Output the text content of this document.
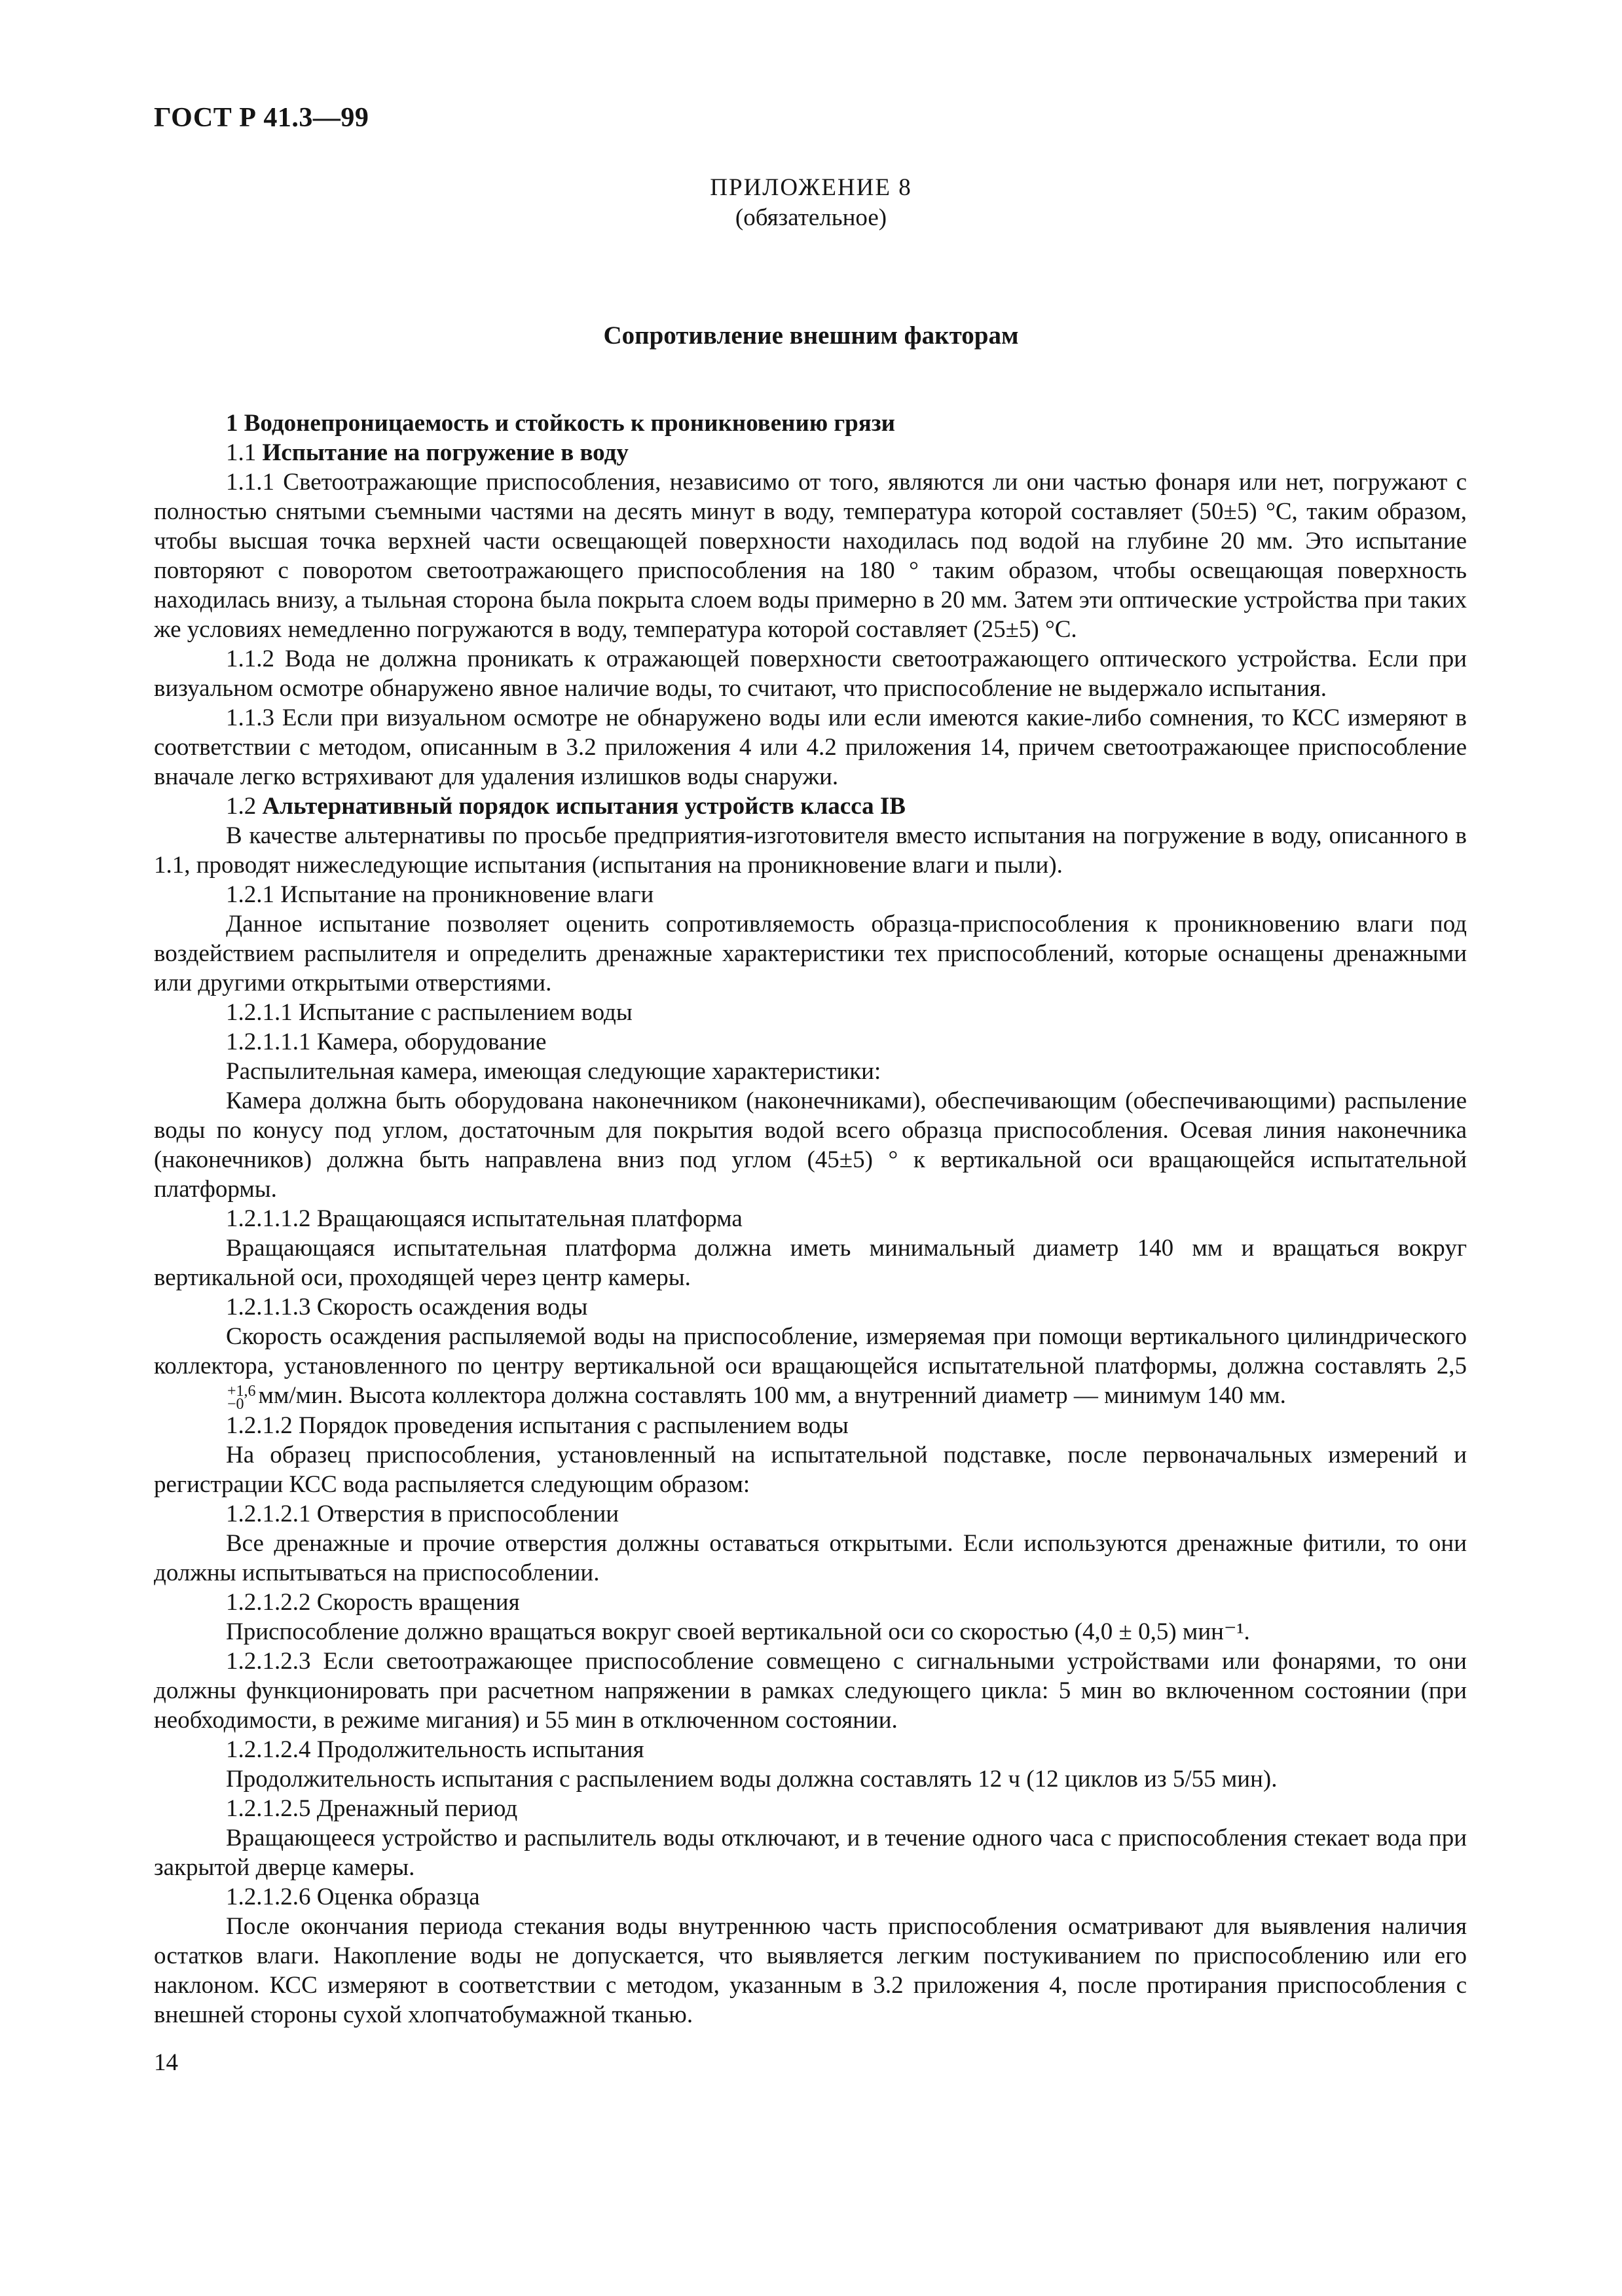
ГОСТ Р 41.3—99
ПРИЛОЖЕНИЕ 8
(обязательное)
Сопротивление внешним факторам

1 Водонепроницаемость и стойкость к проникновению грязи

1.1 Испытание на погружение в воду

1.1.1 Светоотражающие приспособления, независимо от того, являются ли они частью фонаря или нет, погружают с полностью снятыми съемными частями на десять минут в воду, температура которой составляет (50±5) °C, таким образом, чтобы высшая точка верхней части освещающей поверхности находилась под водой на глубине 20 мм. Это испытание повторяют с поворотом светоотражающего приспособления на 180 ° таким образом, чтобы освещающая поверхность находилась внизу, а тыльная сторона была покрыта слоем воды примерно в 20 мм. Затем эти оптические устройства при таких же условиях немедленно погружаются в воду, температура которой составляет (25±5) °C.

1.1.2 Вода не должна проникать к отражающей поверхности светоотражающего оптического устройства. Если при визуальном осмотре обнаружено явное наличие воды, то считают, что приспособление не выдержало испытания.

1.1.3 Если при визуальном осмотре не обнаружено воды или если имеются какие-либо сомнения, то КСС измеряют в соответствии с методом, описанным в 3.2 приложения 4 или 4.2 приложения 14, причем светоотражающее приспособление вначале легко встряхивают для удаления излишков воды снаружи.

1.2 Альтернативный порядок испытания устройств класса IB

В качестве альтернативы по просьбе предприятия-изготовителя вместо испытания на погружение в воду, описанного в 1.1, проводят нижеследующие испытания (испытания на проникновение влаги и пыли).

1.2.1 Испытание на проникновение влаги

Данное испытание позволяет оценить сопротивляемость образца-приспособления к проникновению влаги под воздействием распылителя и определить дренажные характеристики тех приспособлений, которые оснащены дренажными или другими открытыми отверстиями.

1.2.1.1 Испытание с распылением воды

1.2.1.1.1 Камера, оборудование

Распылительная камера, имеющая следующие характеристики:

Камера должна быть оборудована наконечником (наконечниками), обеспечивающим (обеспечивающими) распыление воды по конусу под углом, достаточным для покрытия водой всего образца приспособления. Осевая линия наконечника (наконечников) должна быть направлена вниз под углом (45±5) ° к вертикальной оси вращающейся испытательной платформы.

1.2.1.1.2 Вращающаяся испытательная платформа

Вращающаяся испытательная платформа должна иметь минимальный диаметр 140 мм и вращаться вокруг вертикальной оси, проходящей через центр камеры.

1.2.1.1.3 Скорость осаждения воды

Скорость осаждения распыляемой воды на приспособление, измеряемая при помощи вертикального цилиндрического коллектора, установленного по центру вертикальной оси вращающейся испытательной платформы, должна составлять 2,5
+1,6
−0 мм/мин. Высота коллектора должна составлять 100 мм, а внутренний диаметр — минимум 140 мм.

1.2.1.2 Порядок проведения испытания с распылением воды

На образец приспособления, установленный на испытательной подставке, после первоначальных измерений и регистрации КСС вода распыляется следующим образом:

1.2.1.2.1 Отверстия в приспособлении

Все дренажные и прочие отверстия должны оставаться открытыми. Если используются дренажные фитили, то они должны испытываться на приспособлении.

1.2.1.2.2 Скорость вращения

Приспособление должно вращаться вокруг своей вертикальной оси со скоростью (4,0 ± 0,5) мин⁻¹.

1.2.1.2.3 Если светоотражающее приспособление совмещено с сигнальными устройствами или фонарями, то они должны функционировать при расчетном напряжении в рамках следующего цикла: 5 мин во включенном состоянии (при необходимости, в режиме мигания) и 55 мин в отключенном состоянии.

1.2.1.2.4 Продолжительность испытания

Продолжительность испытания с распылением воды должна составлять 12 ч (12 циклов из 5/55 мин).

1.2.1.2.5 Дренажный период

Вращающееся устройство и распылитель воды отключают, и в течение одного часа с приспособления стекает вода при закрытой дверце камеры.

1.2.1.2.6 Оценка образца

После окончания периода стекания воды внутреннюю часть приспособления осматривают для выявления наличия остатков влаги. Накопление воды не допускается, что выявляется легким постукиванием по приспособлению или его наклоном. КСС измеряют в соответствии с методом, указанным в 3.2 приложения 4, после протирания приспособления с внешней стороны сухой хлопчатобумажной тканью.

14
